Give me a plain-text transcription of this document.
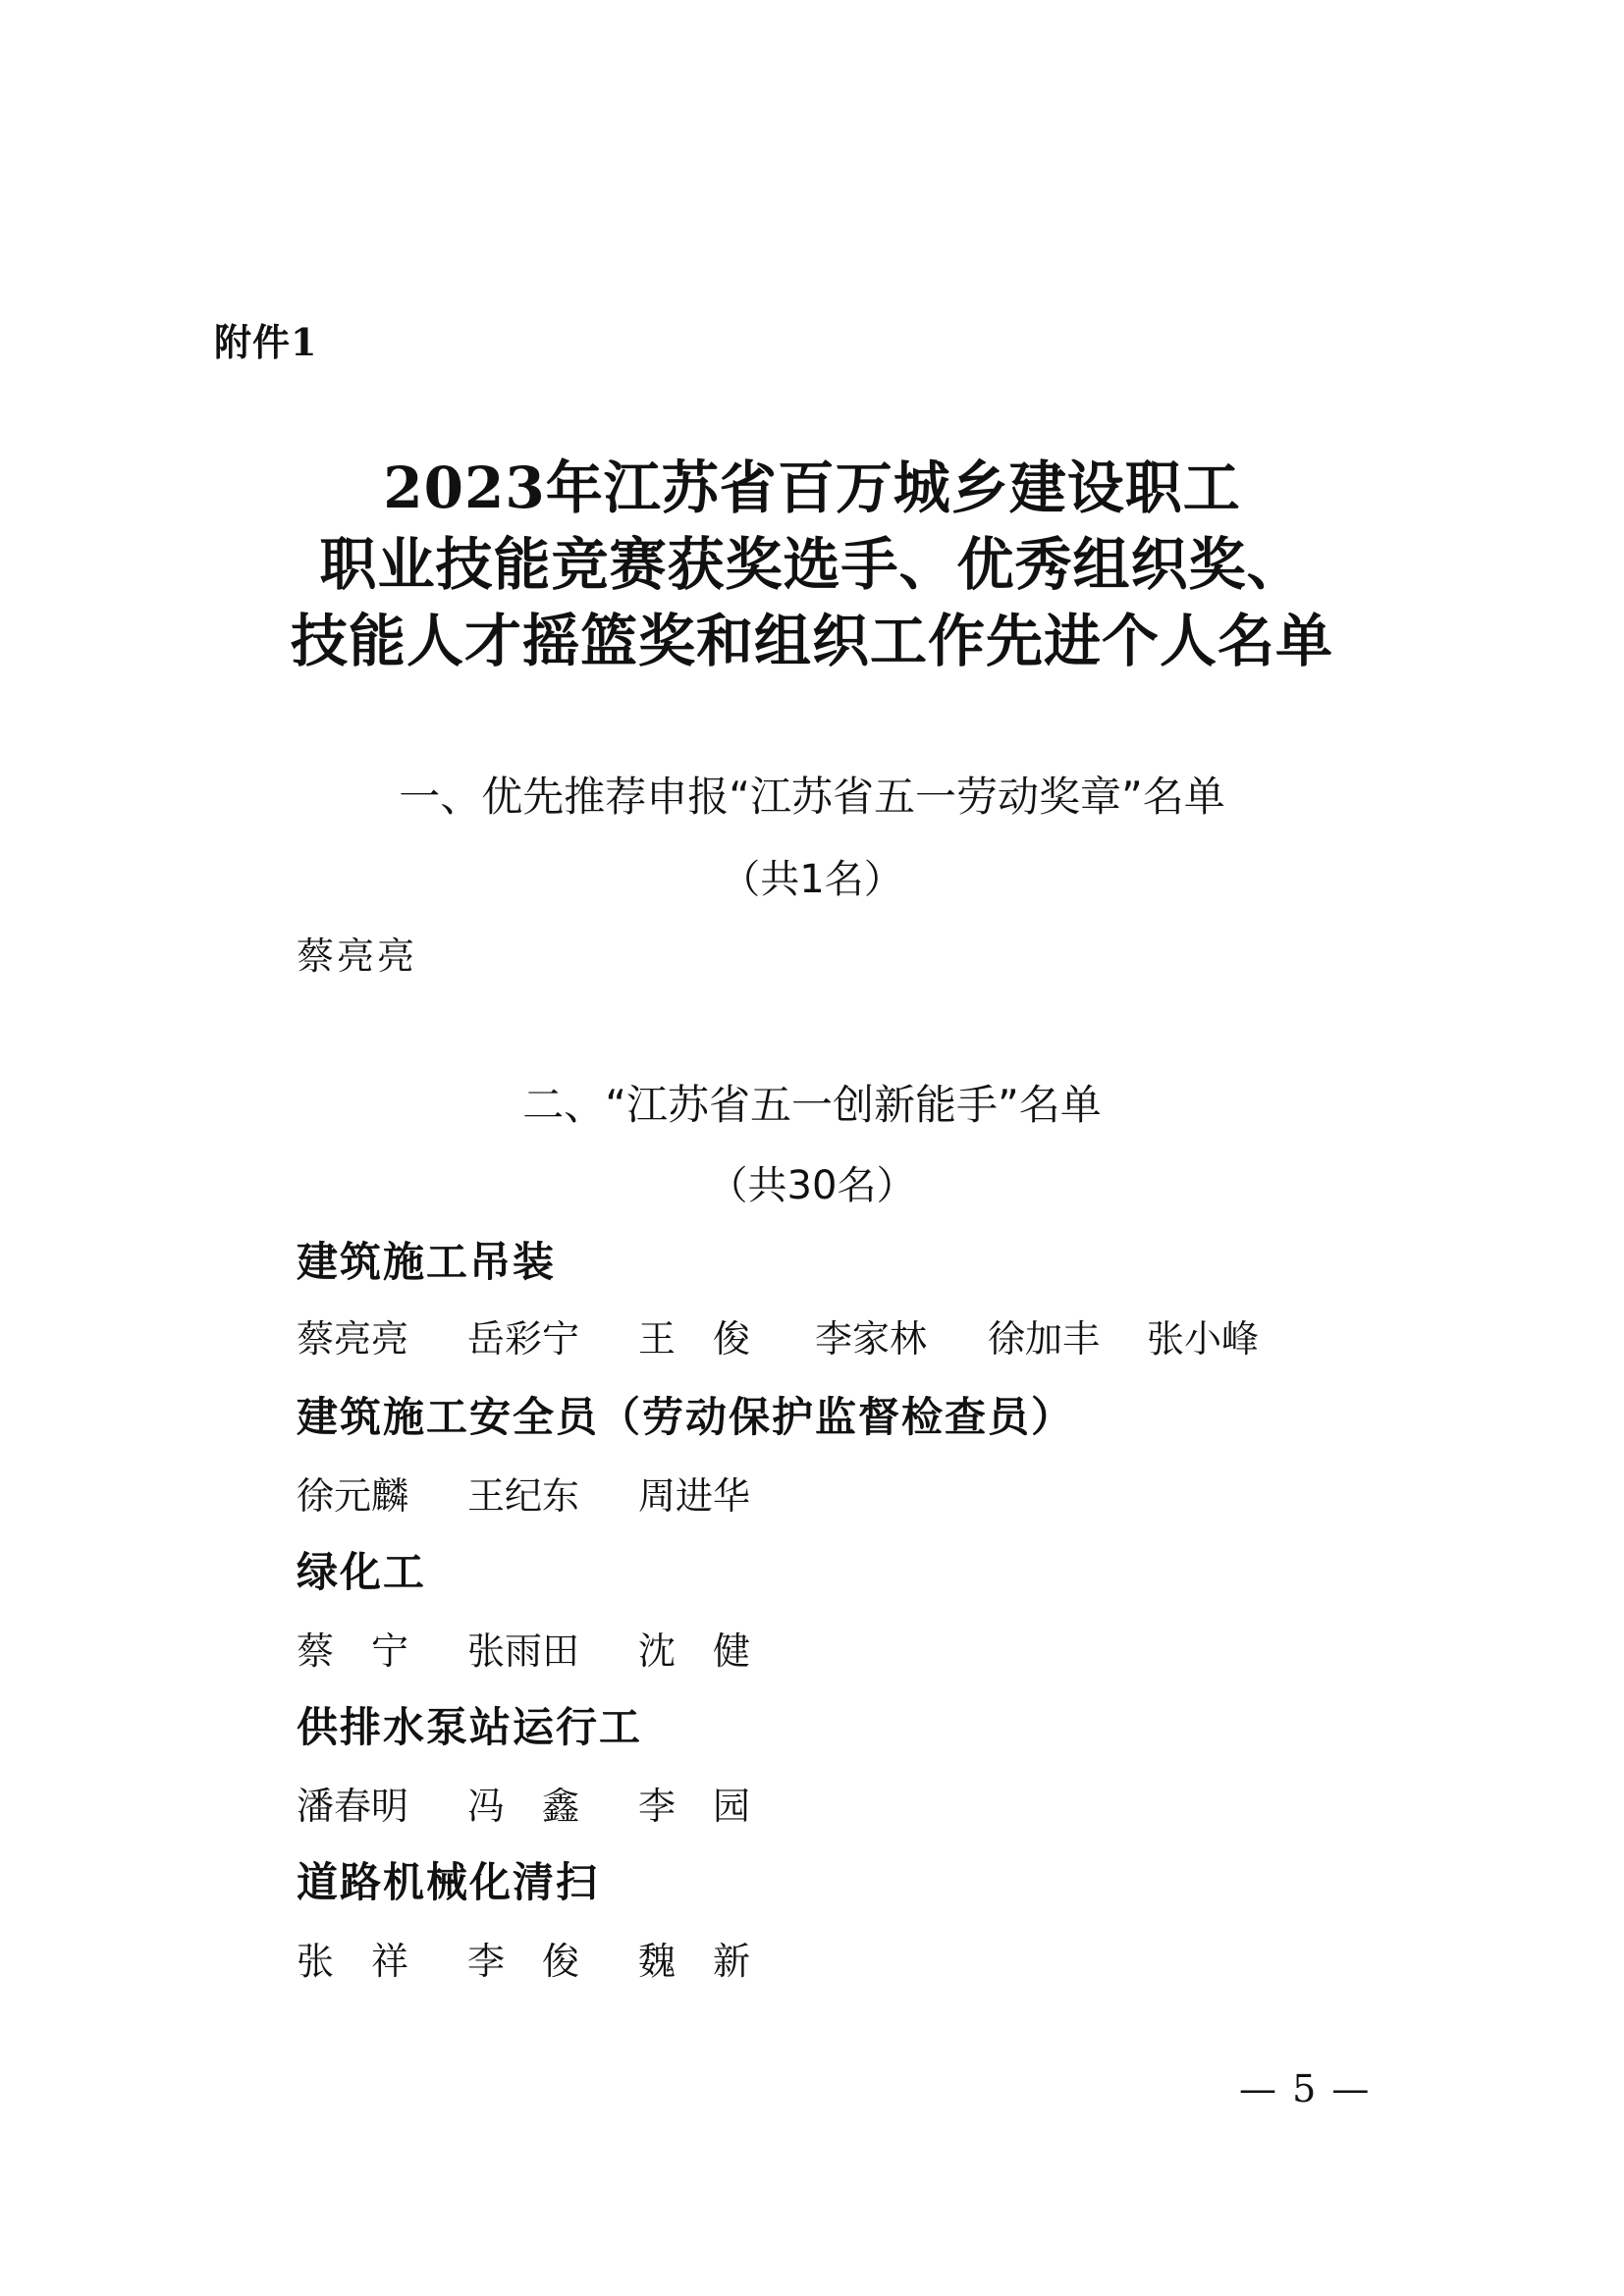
附件1
2023年江苏省百万城乡建设职工
职业技能竞赛获奖选手、优秀组织奖、
技能人才摇篮奖和组织工作先进个人名单
一、优先推荐申报“江苏省五一劳动奖章”名单
（共1名）
蔡亮亮
二、“江苏省五一创新能手”名单
（共30名）
建筑施工吊装
蔡亮亮 岳彩宁 王　俊 李家林 徐加丰 张小峰
建筑施工安全员（劳动保护监督检查员）
徐元麟 王纪东 周进华
绿化工
蔡　宁 张雨田 沈　健
供排水泵站运行工
潘春明 冯　鑫 李　园
道路机械化清扫
张　祥 李　俊 魏　新
— 5 —
